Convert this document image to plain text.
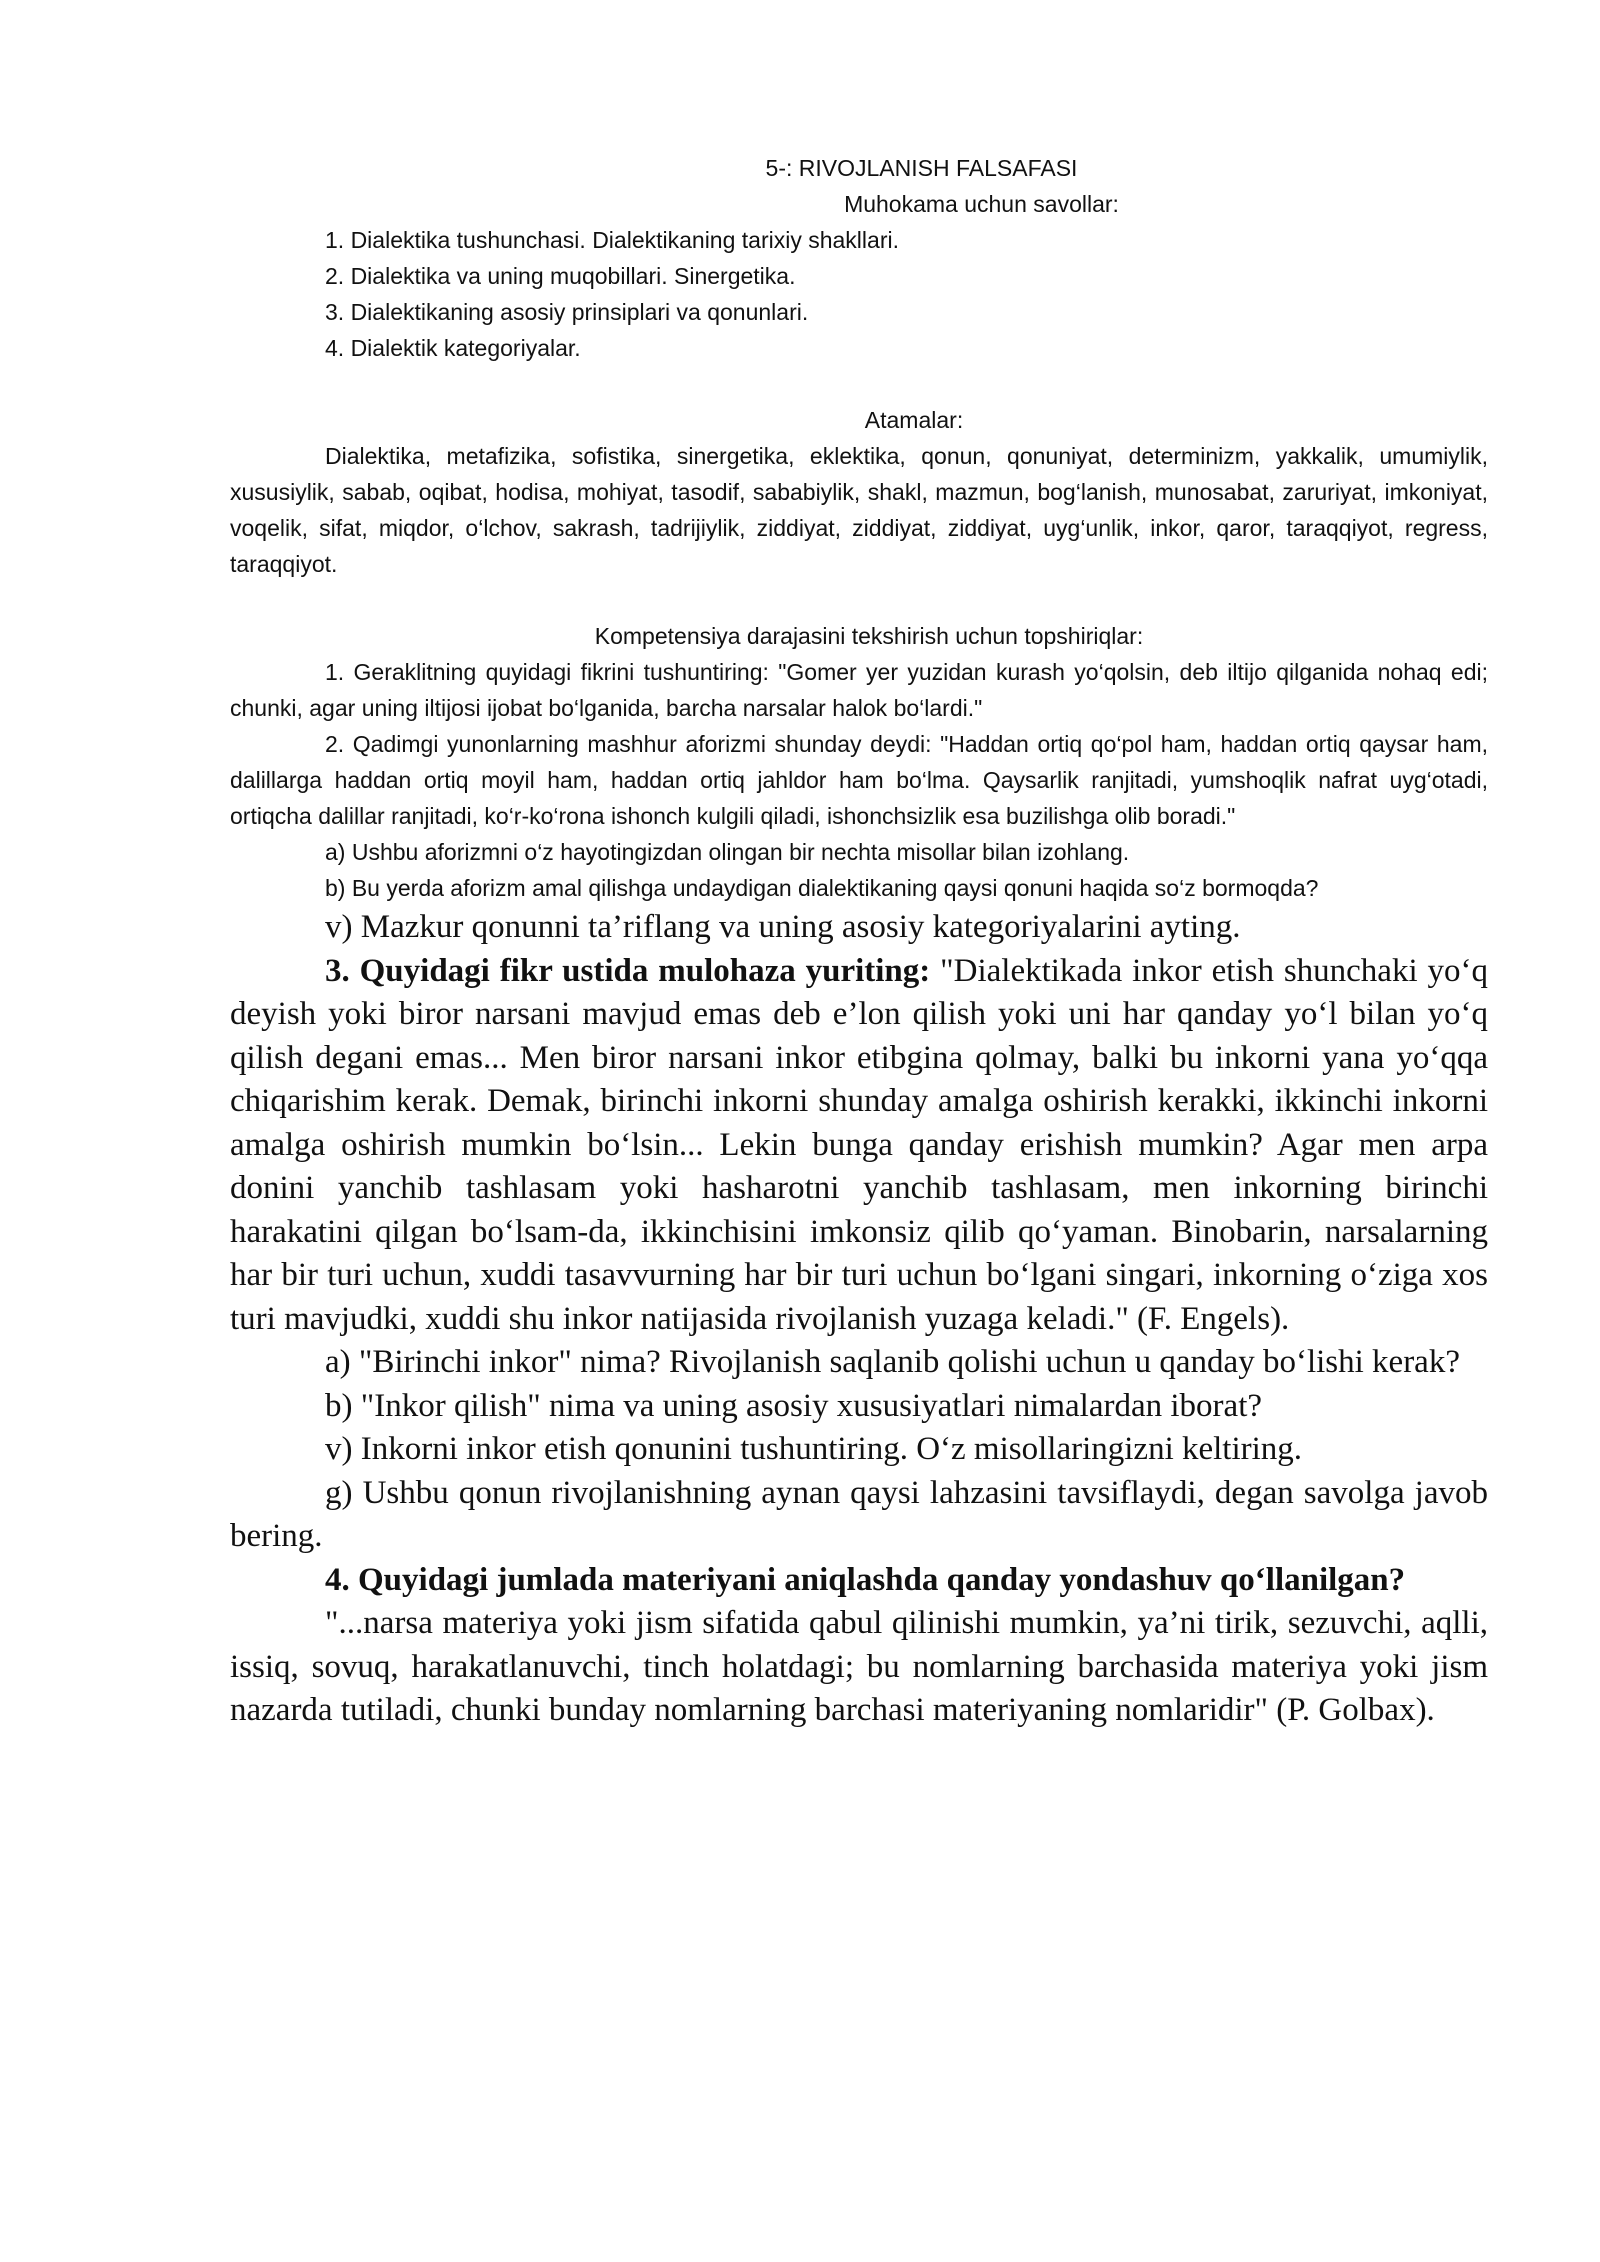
5-: RIVOJLANISH FALSAFASI

Muhokama uchun savollar:

1. Dialektika tushunchasi. Dialektikaning tarixiy shakllari.

2. Dialektika va uning muqobillari. Sinergetika.

3. Dialektikaning asosiy prinsiplari va qonunlari.

4. Dialektik kategoriyalar.

Atamalar:

Dialektika, metafizika, sofistika, sinergetika, eklektika, qonun, qonuniyat, determinizm, yakkalik, umumiylik, xususiylik, sabab, oqibat, hodisa, mohiyat, tasodif, sababiylik, shakl, mazmun, bog‘lanish, munosabat, zaruriyat, imkoniyat, voqelik, sifat, miqdor, o‘lchov, sakrash, tadrijiylik, ziddiyat, ziddiyat, ziddiyat, uyg‘unlik, inkor, qaror, taraqqiyot, regress, taraqqiyot.

Kompetensiya darajasini tekshirish uchun topshiriqlar:

1. Geraklitning quyidagi fikrini tushuntiring: "Gomer yer yuzidan kurash yo‘qolsin, deb iltijo qilganida nohaq edi; chunki, agar uning iltijosi ijobat bo‘lganida, barcha narsalar halok bo‘lardi."

2. Qadimgi yunonlarning mashhur aforizmi shunday deydi: "Haddan ortiq qo‘pol ham, haddan ortiq qaysar ham, dalillarga haddan ortiq moyil ham, haddan ortiq jahldor ham bo‘lma. Qaysarlik ranjitadi, yumshoqlik nafrat uyg‘otadi, ortiqcha dalillar ranjitadi, ko‘r-ko‘rona ishonch kulgili qiladi, ishonchsizlik esa buzilishga olib boradi."

a) Ushbu aforizmni o‘z hayotingizdan olingan bir nechta misollar bilan izohlang.

b) Bu yerda aforizm amal qilishga undaydigan dialektikaning qaysi qonuni haqida so‘z bormoqda?

v) Mazkur qonunni ta’riflang va uning asosiy kategoriyalarini ayting.

3. Quyidagi fikr ustida mulohaza yuriting: "Dialektikada inkor etish shunchaki yo‘q deyish yoki biror narsani mavjud emas deb e’lon qilish yoki uni har qanday yo‘l bilan yo‘q qilish degani emas... Men biror narsani inkor etibgina qolmay, balki bu inkorni yana yo‘qqa chiqarishim kerak. Demak, birinchi inkorni shunday amalga oshirish kerakki, ikkinchi inkorni amalga oshirish mumkin bo‘lsin... Lekin bunga qanday erishish mumkin? Agar men arpa donini yanchib tashlasam yoki hasharotni yanchib tashlasam, men inkorning birinchi harakatini qilgan bo‘lsam-da, ikkinchisini imkonsiz qilib qo‘yaman. Binobarin, narsalarning har bir turi uchun, xuddi tasavvurning har bir turi uchun bo‘lgani singari, inkorning o‘ziga xos turi mavjudki, xuddi shu inkor natijasida rivojlanish yuzaga keladi." (F. Engels).

a) "Birinchi inkor" nima? Rivojlanish saqlanib qolishi uchun u qanday bo‘lishi kerak?

b) "Inkor qilish" nima va uning asosiy xususiyatlari nimalardan iborat?

v) Inkorni inkor etish qonunini tushuntiring. O‘z misollaringizni keltiring.

g) Ushbu qonun rivojlanishning aynan qaysi lahzasini tavsiflaydi, degan savolga javob bering.

4. Quyidagi jumlada materiyani aniqlashda qanday yondashuv qo‘llanilgan?

"...narsa materiya yoki jism sifatida qabul qilinishi mumkin, ya’ni tirik, sezuvchi, aqlli, issiq, sovuq, harakatlanuvchi, tinch holatdagi; bu nomlarning barchasida materiya yoki jism nazarda tutiladi, chunki bunday nomlarning barchasi materiyaning nomlaridir" (P. Golbax).
